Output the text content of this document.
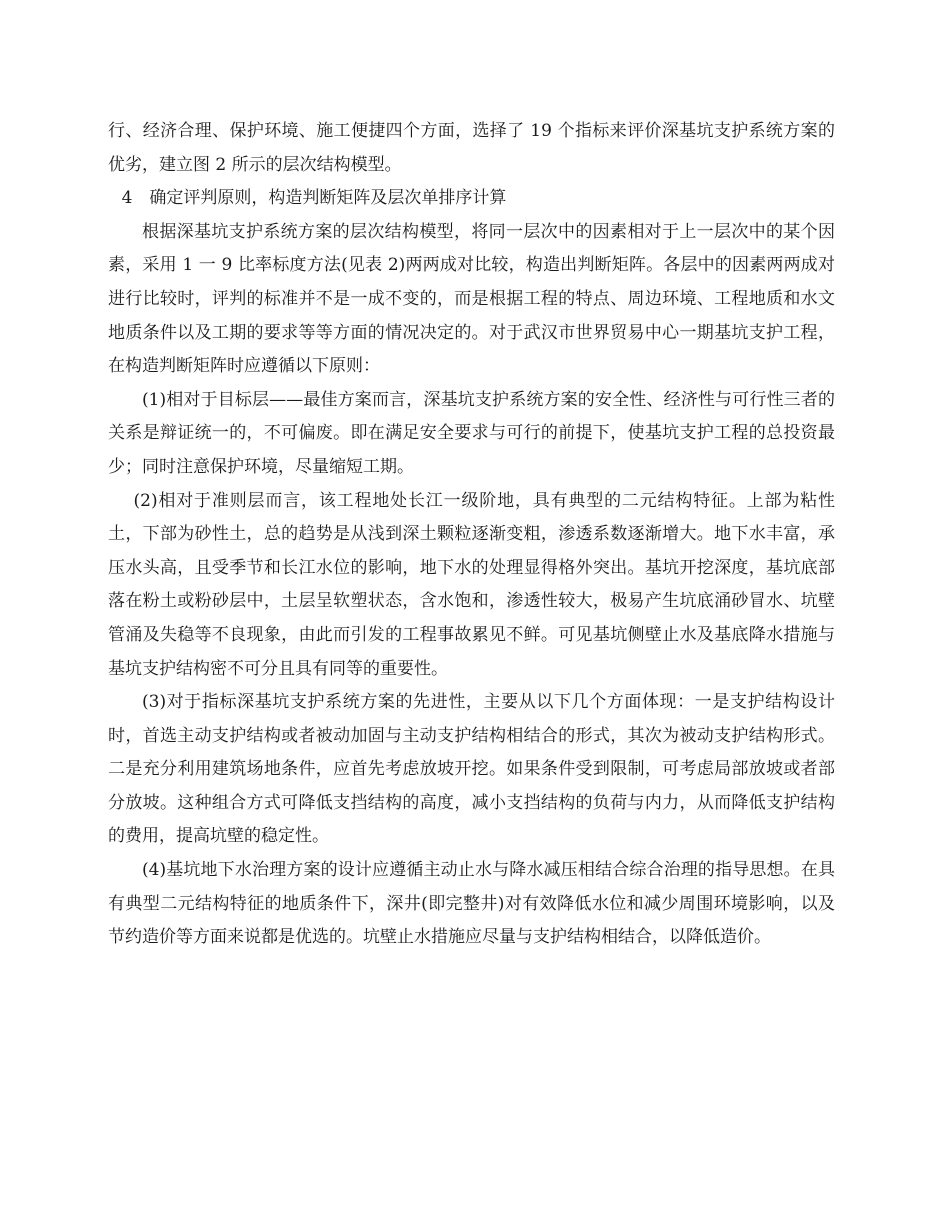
行、经济合理、保护环境、施工便捷四个方面，选择了 19 个指标来评价深基坑支护系统方案的优劣，建立图 2 所示的层次结构模型。

4　确定评判原则，构造判断矩阵及层次单排序计算

根据深基坑支护系统方案的层次结构模型，将同一层次中的因素相对于上一层次中的某个因素，采用 1 一 9 比率标度方法(见表 2)两两成对比较，构造出判断矩阵。各层中的因素两两成对进行比较时，评判的标准并不是一成不变的，而是根据工程的特点、周边环境、工程地质和水文地质条件以及工期的要求等等方面的情况决定的。对于武汉市世界贸易中心一期基坑支护工程，在构造判断矩阵时应遵循以下原则：

(1)相对于目标层——最佳方案而言，深基坑支护系统方案的安全性、经济性与可行性三者的关系是辩证统一的，不可偏废。即在满足安全要求与可行的前提下，使基坑支护工程的总投资最少；同时注意保护环境，尽量缩短工期。

(2)相对于准则层而言，该工程地处长江一级阶地，具有典型的二元结构特征。上部为粘性土，下部为砂性土，总的趋势是从浅到深土颗粒逐渐变粗，渗透系数逐渐增大。地下水丰富，承压水头高，且受季节和长江水位的影响，地下水的处理显得格外突出。基坑开挖深度，基坑底部落在粉土或粉砂层中，土层呈软塑状态，含水饱和，渗透性较大，极易产生坑底涌砂冒水、坑壁管涌及失稳等不良现象，由此而引发的工程事故累见不鲜。可见基坑侧壁止水及基底降水措施与基坑支护结构密不可分且具有同等的重要性。

(3)对于指标深基坑支护系统方案的先进性，主要从以下几个方面体现：一是支护结构设计时，首选主动支护结构或者被动加固与主动支护结构相结合的形式，其次为被动支护结构形式。二是充分利用建筑场地条件，应首先考虑放坡开挖。如果条件受到限制，可考虑局部放坡或者部分放坡。这种组合方式可降低支挡结构的高度，减小支挡结构的负荷与内力，从而降低支护结构的费用，提高坑壁的稳定性。

(4)基坑地下水治理方案的设计应遵循主动止水与降水减压相结合综合治理的指导思想。在具有典型二元结构特征的地质条件下，深井(即完整井)对有效降低水位和减少周围环境影响，以及节约造价等方面来说都是优选的。坑壁止水措施应尽量与支护结构相结合，以降低造价。
